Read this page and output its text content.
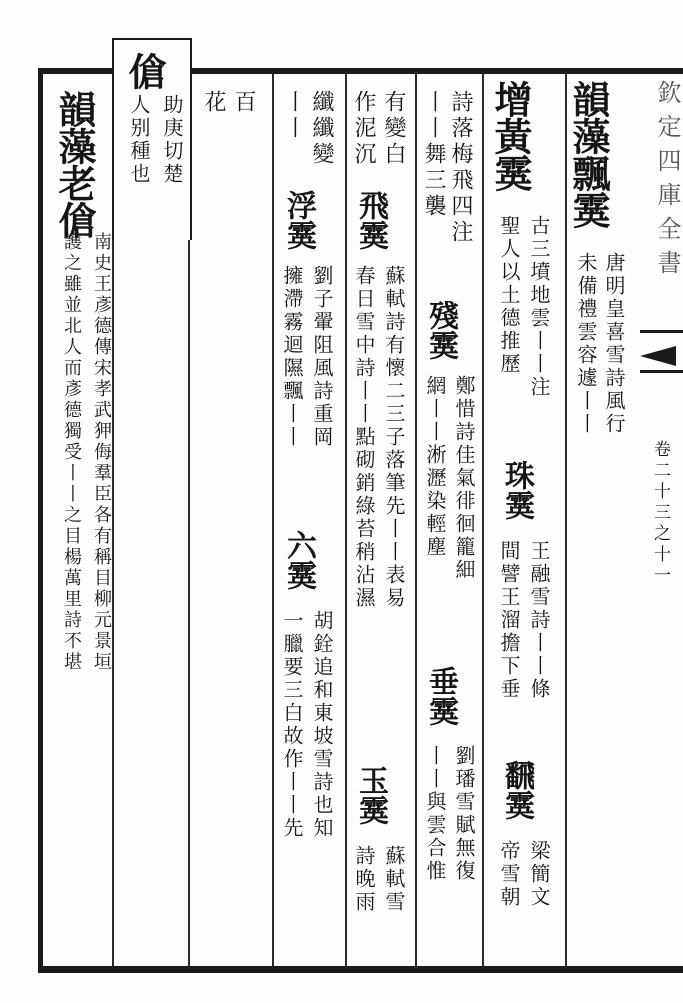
欽定四庫全書
卷二十三之十一
百
花	韻藻飄霙
唐明皇喜雪詩風行
未備禮雲容遽丨丨
增黃霙
古三墳地雲丨丨注
聖人以土德推歷
珠霙
王融雪詩丨丨條
間譬王溜擔下垂
飜霙
梁簡文
帝雪朝
詩落梅飛四注
丨丨舞三襲
殘霙
鄭惜詩佳氣徘徊籠細
網丨丨淅瀝染輕塵
垂霙
劉璠雪賦無復
丨丨與雲合惟
有變白
作泥沉
飛霙
蘇軾詩有懷二三子落筆先丨丨表易
春日雪中詩丨丨點砌銷綠苔稍沾濕
玉霙
蘇軾雪
詩晚雨
纖纖變
丨丨
浮霙
劉子翬阻風詩重岡
擁滯霧迴隰飄丨丨
六霙
胡銓追和東坡雪詩也知
一臘要三白故作丨丨先
傖
助庚切楚
人别種也
韻藻老傖
南史王彥德傳宋孝武狎侮羣臣各有稱目柳元景垣
護之雖並北人而彥德獨受丨丨之目楊萬里詩不堪
